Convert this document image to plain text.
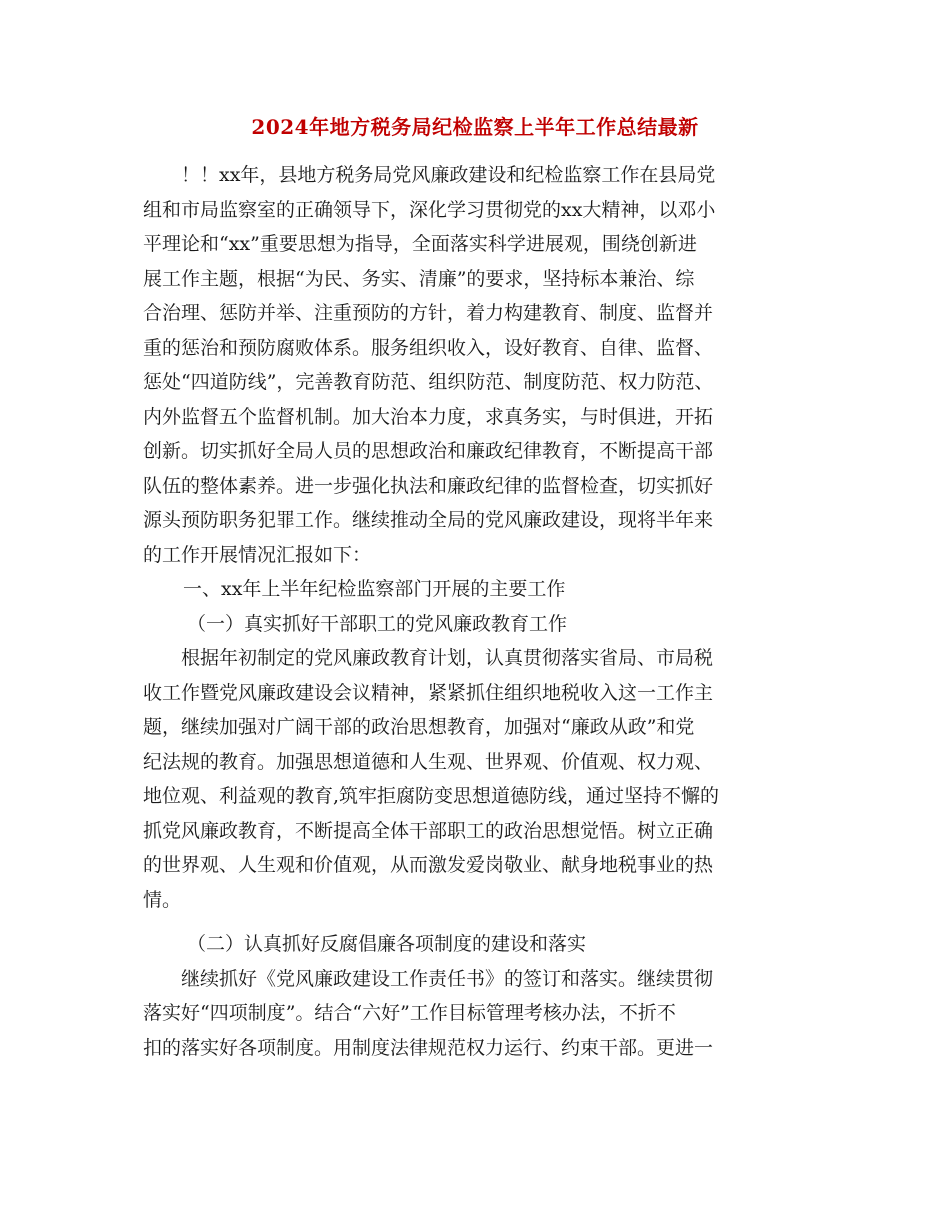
2024年地方税务局纪检监察上半年工作总结最新
！！xx年，县地方税务局党风廉政建设和纪检监察工作在县局党
组和市局监察室的正确领导下，深化学习贯彻党的xx大精神，以邓小
平理论和“xx”重要思想为指导，全面落实科学进展观，围绕创新进
展工作主题，根据“为民、务实、清廉”的要求，坚持标本兼治、综
合治理、惩防并举、注重预防的方针，着力构建教育、制度、监督并
重的惩治和预防腐败体系。服务组织收入，设好教育、自律、监督、
惩处“四道防线”，完善教育防范、组织防范、制度防范、权力防范、
内外监督五个监督机制。加大治本力度，求真务实，与时俱进，开拓
创新。切实抓好全局人员的思想政治和廉政纪律教育，不断提高干部
队伍的整体素养。进一步强化执法和廉政纪律的监督检查，切实抓好
源头预防职务犯罪工作。继续推动全局的党风廉政建设，现将半年来
的工作开展情况汇报如下：
一、xx年上半年纪检监察部门开展的主要工作
（一）真实抓好干部职工的党风廉政教育工作
根据年初制定的党风廉政教育计划，认真贯彻落实省局、市局税
收工作暨党风廉政建设会议精神，紧紧抓住组织地税收入这一工作主
题，继续加强对广阔干部的政治思想教育，加强对“廉政从政”和党
纪法规的教育。加强思想道德和人生观、世界观、价值观、权力观、
地位观、利益观的教育,筑牢拒腐防变思想道德防线，通过坚持不懈的
抓党风廉政教育，不断提高全体干部职工的政治思想觉悟。树立正确
的世界观、人生观和价值观，从而激发爱岗敬业、献身地税事业的热
情。
（二）认真抓好反腐倡廉各项制度的建设和落实
继续抓好《党风廉政建设工作责任书》的签订和落实。继续贯彻
落实好“四项制度”。结合“六好”工作目标管理考核办法，不折不
扣的落实好各项制度。用制度法律规范权力运行、约束干部。更进一
